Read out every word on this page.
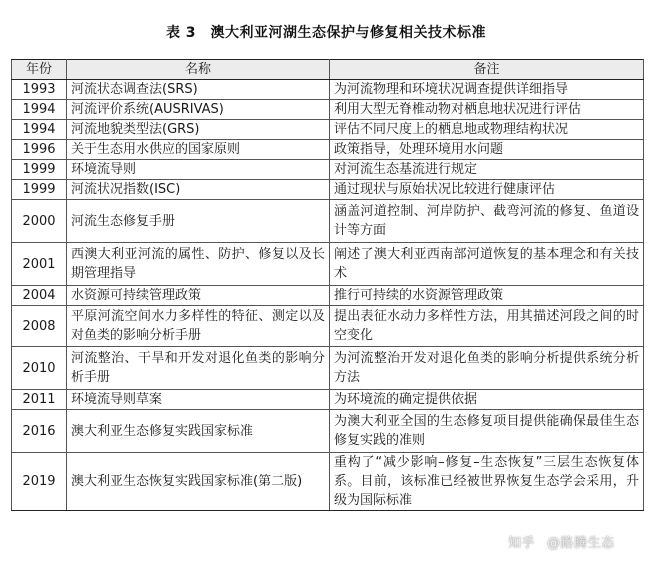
表 3　澳大利亚河湖生态保护与修复相关技术标准
年份	名称	备注
1993	河流状态调查法(SRS)	为河流物理和环境状况调查提供详细指导
1994	河流评价系统(AUSRIVAS)	利用大型无脊椎动物对栖息地状况进行评估
1994	河流地貌类型法(GRS)	评估不同尺度上的栖息地或物理结构状况
1996	关于生态用水供应的国家原则	政策指导，处理环境用水问题
1999	环境流导则	对河流生态基流进行规定
1999	河流状况指数(ISC)	通过现状与原始状况比较进行健康评估
2000	河流生态修复手册	涵盖河道控制、河岸防护、截弯河流的修复、鱼道设计等方面
2001	西澳大利亚河流的属性、防护、修复以及长期管理指导	阐述了澳大利亚西南部河道恢复的基本理念和有关技术
2004	水资源可持续管理政策	推行可持续的水资源管理政策
2008	平原河流空间水力多样性的特征、测定以及对鱼类的影响分析手册	提出表征水动力多样性方法，用其描述河段之间的时空变化
2010	河流整治、干旱和开发对退化鱼类的影响分析手册	为河流整治开发对退化鱼类的影响分析提供系统分析方法
2011	环境流导则草案	为环境流的确定提供依据
2016	澳大利亚生态修复实践国家标准	为澳大利亚全国的生态修复项目提供能确保最佳生态修复实践的准则
2019	澳大利亚生态恢复实践国家标准(第二版)	重构了“减少影响–修复–生态恢复”三层生态恢复体系。目前，该标准已经被世界恢复生态学会采用，升级为国际标准
知乎 @路腾生态
